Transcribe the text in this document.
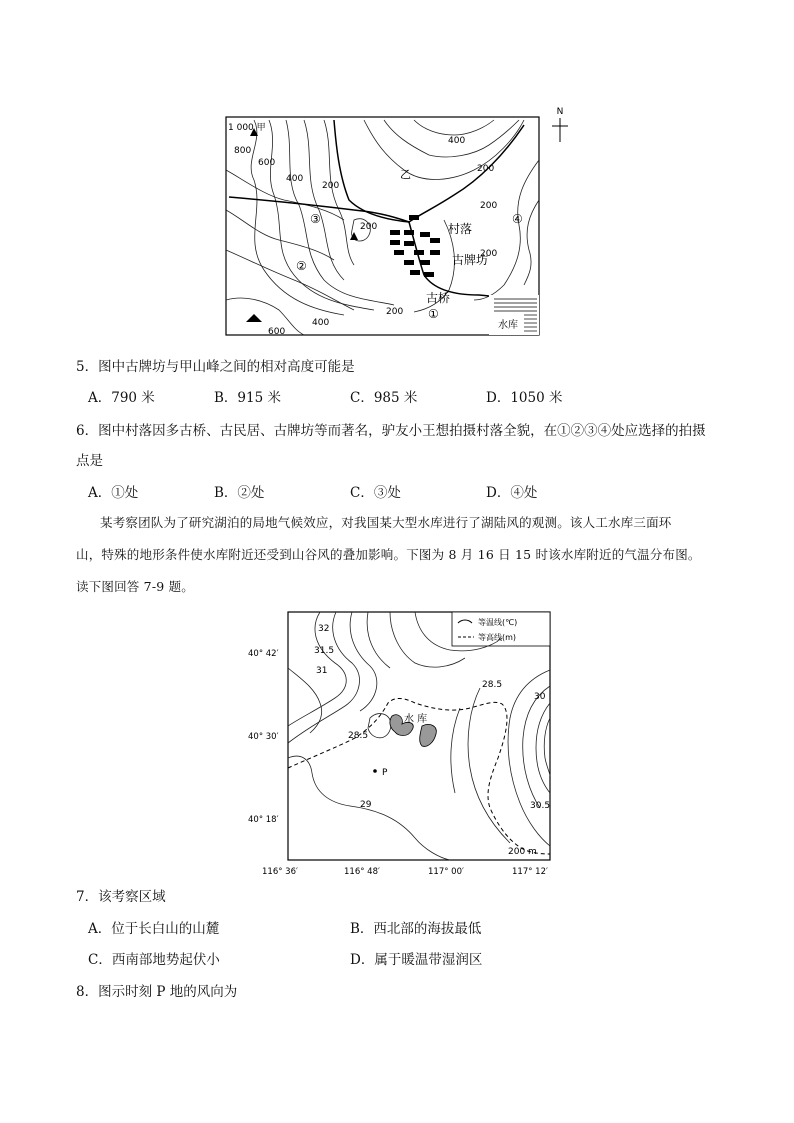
N
水库
1 000 甲
800
600
400
200
400
200
200
200
400
600
200
200
乙
村落
古牌坊
古桥
①
②
③	④
5．图中古牌坊与甲山峰之间的相对高度可能是
A．790 米	B．915 米	C．985 米	D．1050 米
6．图中村落因多古桥、古民居、古牌坊等而著名，驴友小王想拍摄村落全貌，在①②③④处应选择的拍摄
点是
A．①处	B．②处	C．③处	D．④处
某考察团队为了研究湖泊的局地气候效应，对我国某大型水库进行了湖陆风的观测。该人工水库三面环
山，特殊的地形条件使水库附近还受到山谷风的叠加影响。下图为 8 月 16 日 15 时该水库附近的气温分布图。
读下图回答 7-9 题。
等温线(℃)
等高线(m)
水 库
P
32
31.5
31
28.5
30
28.5
29	30.5
200 m
40° 42′
40° 30′
40° 18′
116° 36′	116° 48′	117° 00′	117° 12′
7．该考察区域
A．位于长白山的山麓	B．西北部的海拔最低
C．西南部地势起伏小	D．属于暖温带湿润区
8．图示时刻 P 地的风向为
